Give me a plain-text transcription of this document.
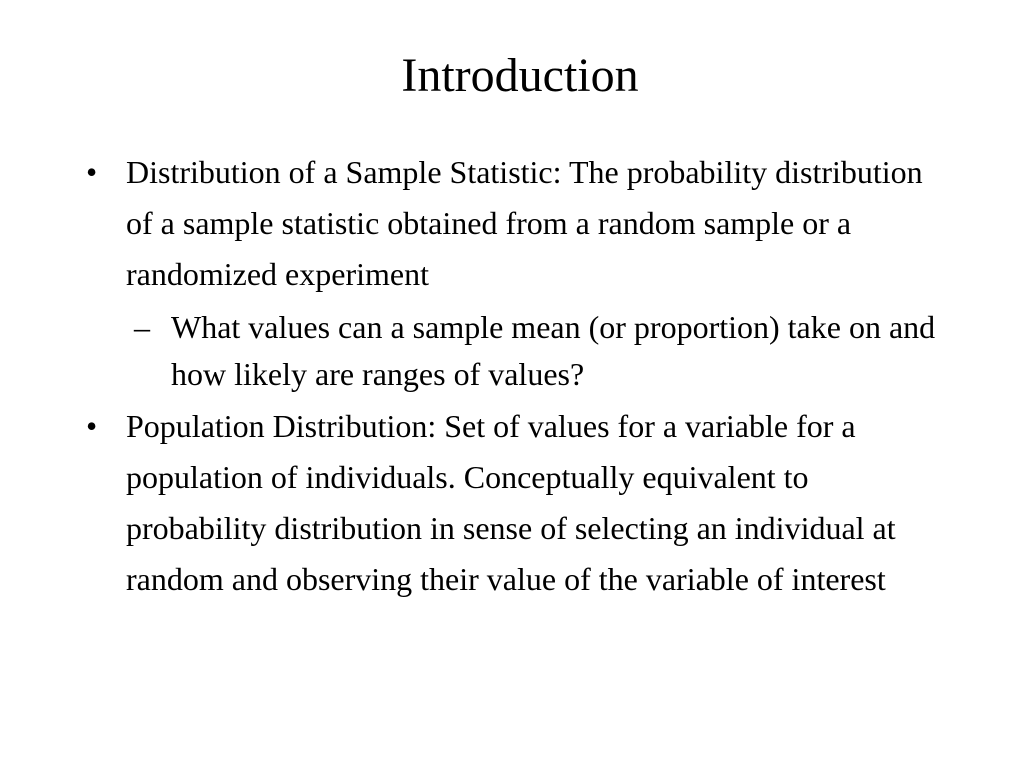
Introduction
• Distribution of a Sample Statistic: The probability distribution of a sample statistic obtained from a random sample or a randomized experiment
– What values can a sample mean (or proportion) take on and how likely are ranges of values?
• Population Distribution: Set of values for a variable for a population of individuals. Conceptually equivalent to probability distribution in sense of selecting an individual at random and observing their value of the variable of interest
